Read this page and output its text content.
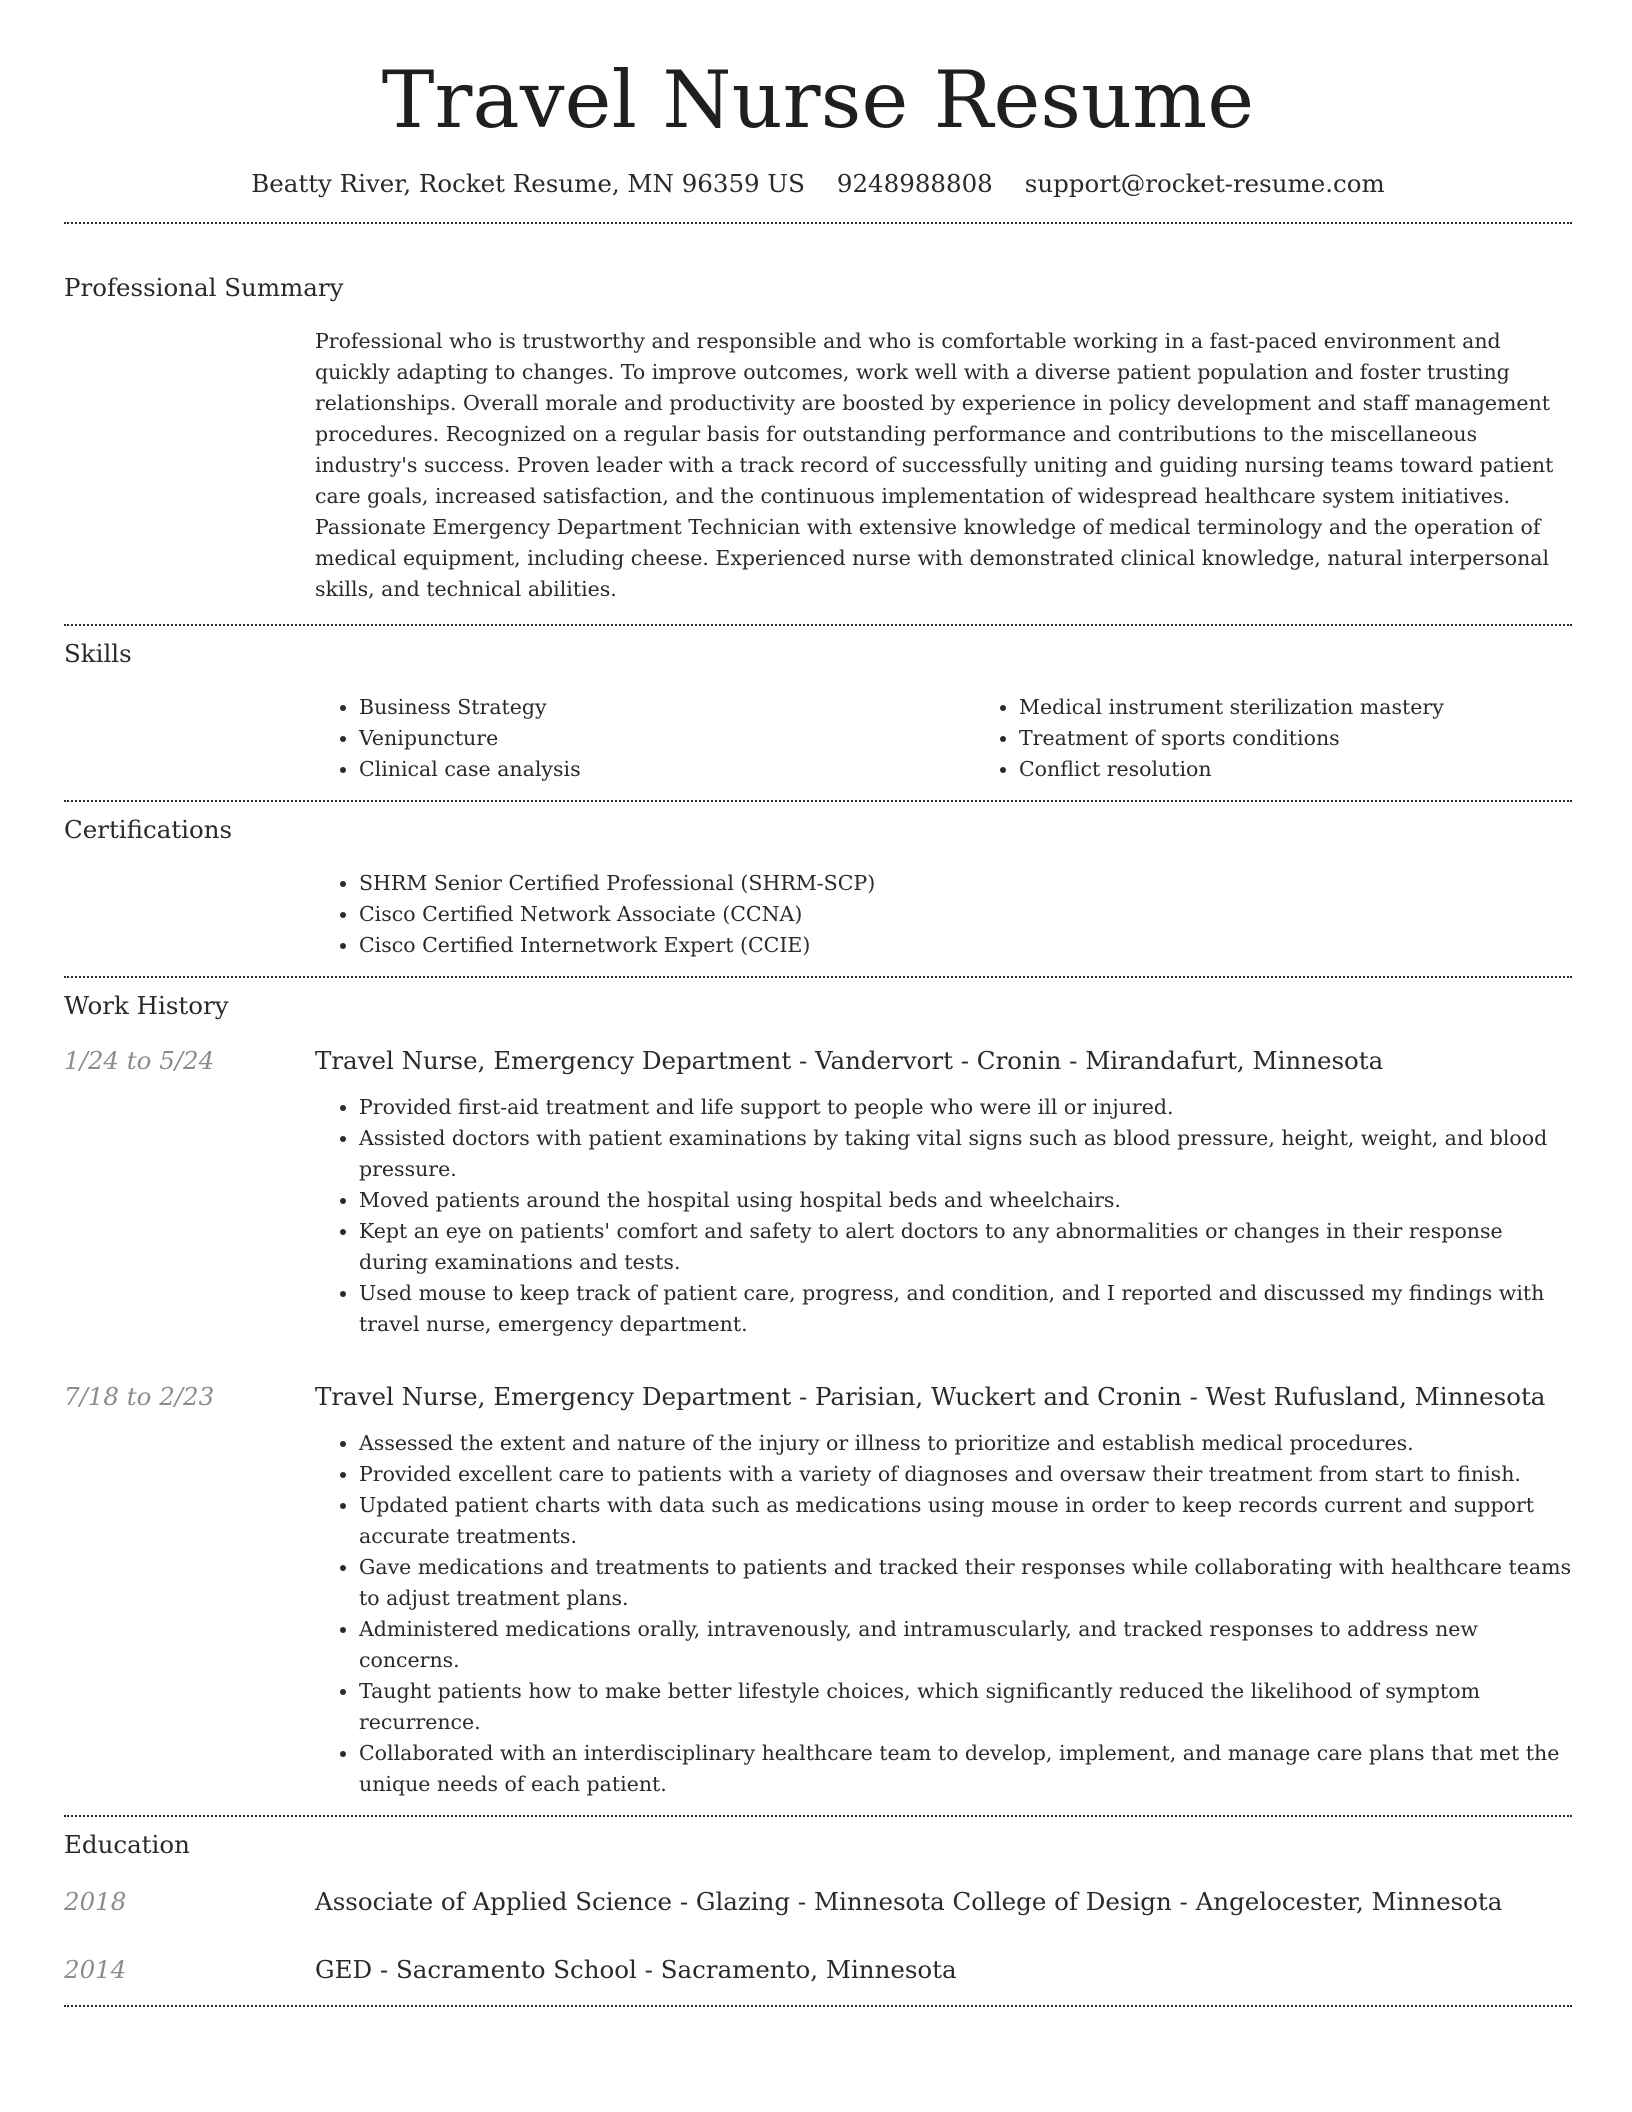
Travel Nurse Resume
Beatty River, Rocket Resume, MN 96359 US 9248988808 support@rocket-resume.com
Professional Summary

Professional who is trustworthy and responsible and who is comfortable working in a fast-paced environment and quickly adapting to changes. To improve outcomes, work well with a diverse patient population and foster trusting relationships. Overall morale and productivity are boosted by experience in policy development and staff management procedures. Recognized on a regular basis for outstanding performance and contributions to the miscellaneous industry's success. Proven leader with a track record of successfully uniting and guiding nursing teams toward patient care goals, increased satisfaction, and the continuous implementation of widespread healthcare system initiatives. Passionate Emergency Department Technician with extensive knowledge of medical terminology and the operation of medical equipment, including cheese. Experienced nurse with demonstrated clinical knowledge, natural interpersonal skills, and technical abilities.

Skills
• Business Strategy
• Venipuncture
• Clinical case analysis
• Medical instrument sterilization mastery
• Treatment of sports conditions
• Conflict resolution
Certifications
• SHRM Senior Certified Professional (SHRM-SCP)
• Cisco Certified Network Associate (CCNA)
• Cisco Certified Internetwork Expert (CCIE)
Work History
1/24 to 5/24	Travel Nurse, Emergency Department - Vandervort - Cronin - Mirandafurt, Minnesota
• Provided first-aid treatment and life support to people who were ill or injured.
• Assisted doctors with patient examinations by taking vital signs such as blood pressure, height, weight, and blood pressure.
• Moved patients around the hospital using hospital beds and wheelchairs.
• Kept an eye on patients' comfort and safety to alert doctors to any abnormalities or changes in their response during examinations and tests.
• Used mouse to keep track of patient care, progress, and condition, and I reported and discussed my findings with travel nurse, emergency department.
7/18 to 2/23	Travel Nurse, Emergency Department - Parisian, Wuckert and Cronin - West Rufusland, Minnesota
• Assessed the extent and nature of the injury or illness to prioritize and establish medical procedures.
• Provided excellent care to patients with a variety of diagnoses and oversaw their treatment from start to finish.
• Updated patient charts with data such as medications using mouse in order to keep records current and support accurate treatments.
• Gave medications and treatments to patients and tracked their responses while collaborating with healthcare teams to adjust treatment plans.
• Administered medications orally, intravenously, and intramuscularly, and tracked responses to address new concerns.
• Taught patients how to make better lifestyle choices, which significantly reduced the likelihood of symptom recurrence.
• Collaborated with an interdisciplinary healthcare team to develop, implement, and manage care plans that met the unique needs of each patient.
Education
2018	Associate of Applied Science - Glazing - Minnesota College of Design - Angelocester, Minnesota
2014	GED - Sacramento School - Sacramento, Minnesota
